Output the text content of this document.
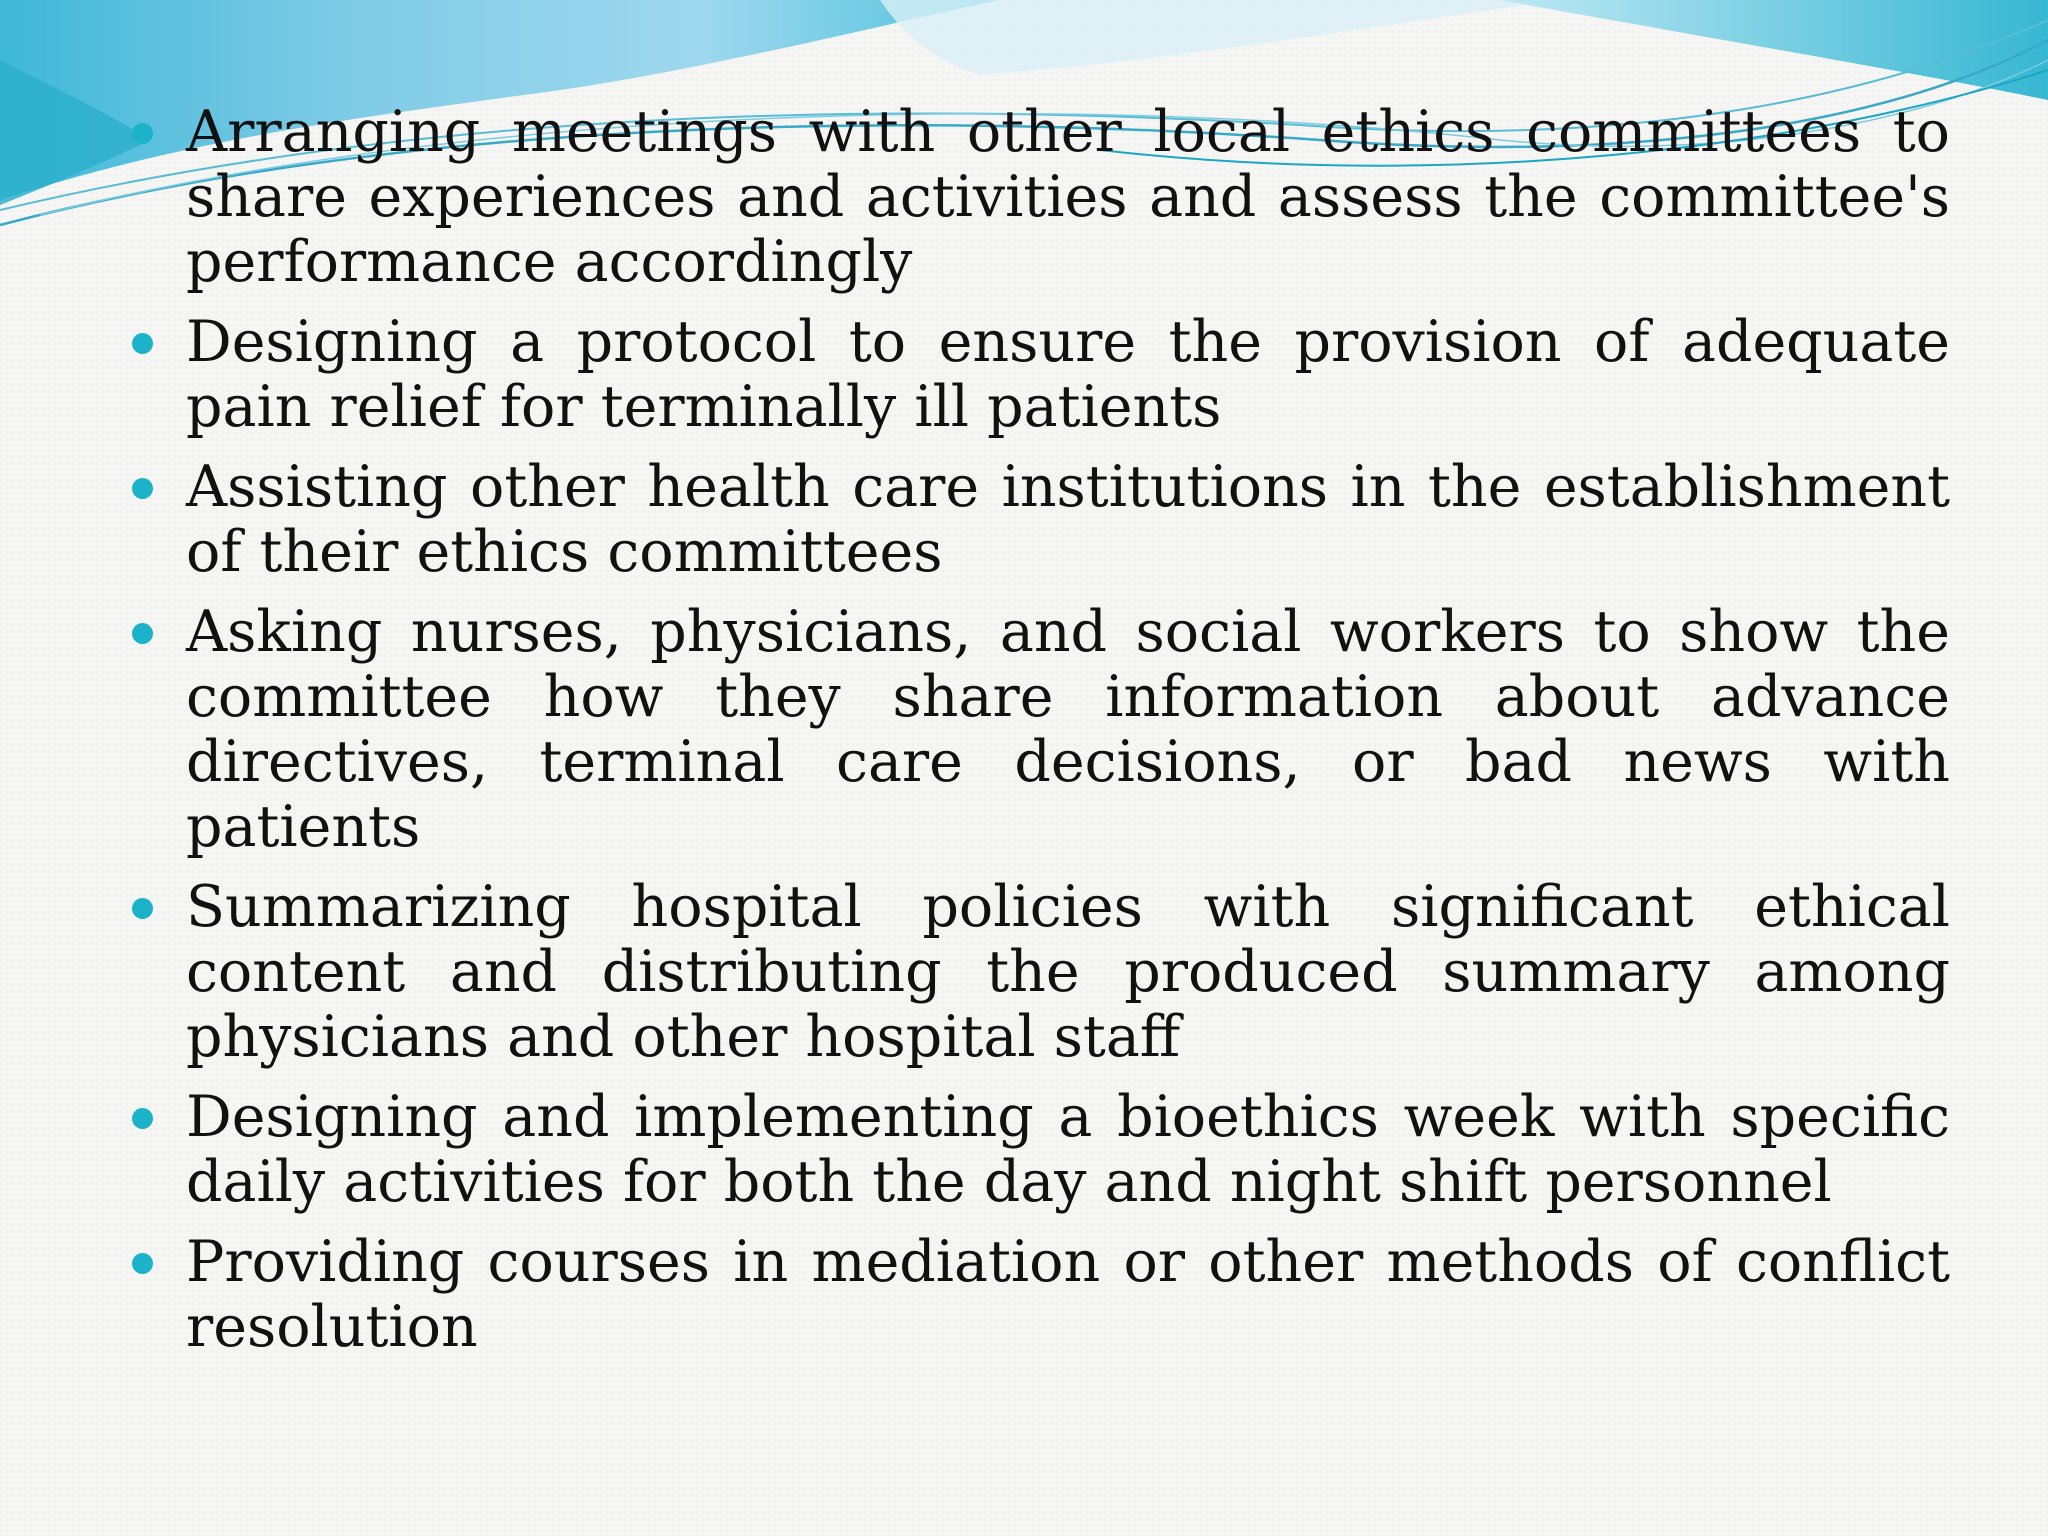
Arranging meetings with other local ethics committees to share experiences and activities and assess the committee's performance accordingly
Designing a protocol to ensure the provision of adequate pain relief for terminally ill patients
Assisting other health care institutions in the establishment of their ethics committees
Asking nurses, physicians, and social workers to show the committee how they share information about advance directives, terminal care decisions, or bad news with patients
Summarizing hospital policies with significant ethical content and distributing the produced summary among physicians and other hospital staff
Designing and implementing a bioethics week with specific daily activities for both the day and night shift personnel
Providing courses in mediation or other methods of conflict resolution
